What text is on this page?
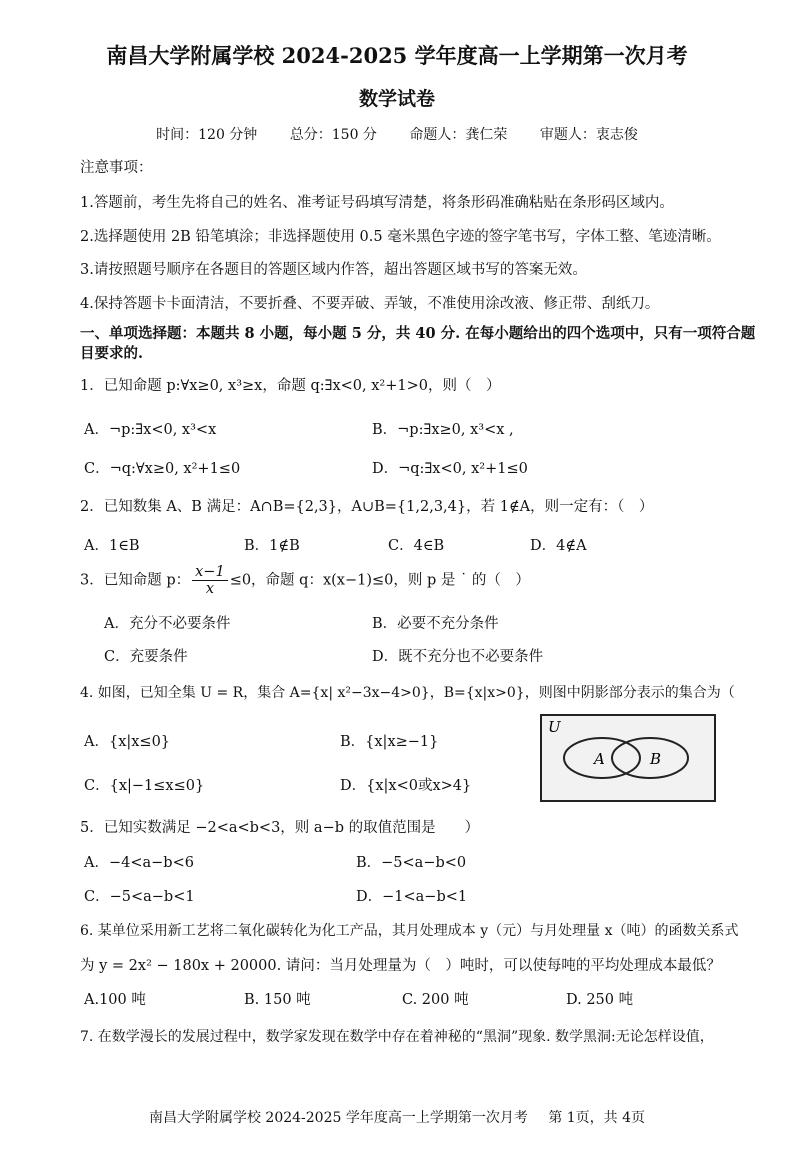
南昌大学附属学校 2024-2025 学年度高一上学期第一次月考
数学试卷
时间：120 分钟 总分：150 分 命题人：龚仁荣 审题人：衷志俊
注意事项：
1.答题前，考生先将自己的姓名、准考证号码填写清楚，将条形码准确粘贴在条形码区域内。
2.选择题使用 2B 铅笔填涂；非选择题使用 0.5 毫米黑色字迹的签字笔书写，字体工整、笔迹清晰。
3.请按照题号顺序在各题目的答题区域内作答，超出答题区域书写的答案无效。
4.保持答题卡卡面清洁，不要折叠、不要弄破、弄皱，不准使用涂改液、修正带、刮纸刀。
一、单项选择题：本题共 8 小题，每小题 5 分，共 40 分. 在每小题给出的四个选项中，只有一项符合题
目要求的.
1．已知命题 p:∀x≥0, x³≥x，命题 q:∃x<0, x²+1>0，则（　）
A．¬p:∃x<0, x³<x	B．¬p:∃x≥0, x³<x ,
C．¬q:∀x≥0, x²+1≤0	D．¬q:∃x<0, x²+1≤0
2．已知数集 A、B 满足：A∩B={2,3}，A∪B={1,2,3,4}，若 1∉A，则一定有：（　）
A．1∈B	B．1∉B	C．4∈B	D．4∉A
3．已知命题 p： $\frac{x-1}{x} \le 0$，命题 q：x(x−1)≤0，则 p 是 ˙ 的（　）
A．充分不必要条件	B．必要不充分条件
C．充要条件	D．既不充分也不必要条件
4. 如图，已知全集 U = R，集合 A={x| x²−3x−4>0}，B={x|x>0}，则图中阴影部分表示的集合为（
A．{x|x≤0}	B．{x|x≥−1}
C．{x|−1≤x≤0}	D．{x|x<0或x>4}
U
A	B
5．已知实数满足 −2<a<b<3，则 a−b 的取值范围是　　）
A．−4<a−b<6	B．−5<a−b<0
C．−5<a−b<1	D．−1<a−b<1
6. 某单位采用新工艺将二氧化碳转化为化工产品，其月处理成本 y（元）与月处理量 x（吨）的函数关系式
为 y = 2x² − 180x + 20000. 请问：当月处理量为（　）吨时，可以使每吨的平均处理成本最低？
A.100 吨	B. 150 吨	C. 200 吨	D. 250 吨
7. 在数学漫长的发展过程中，数学家发现在数学中存在着神秘的“黑洞”现象. 数学黑洞:无论怎样设值，
南昌大学附属学校 2024-2025 学年度高一上学期第一次月考 第 1页，共 4页
